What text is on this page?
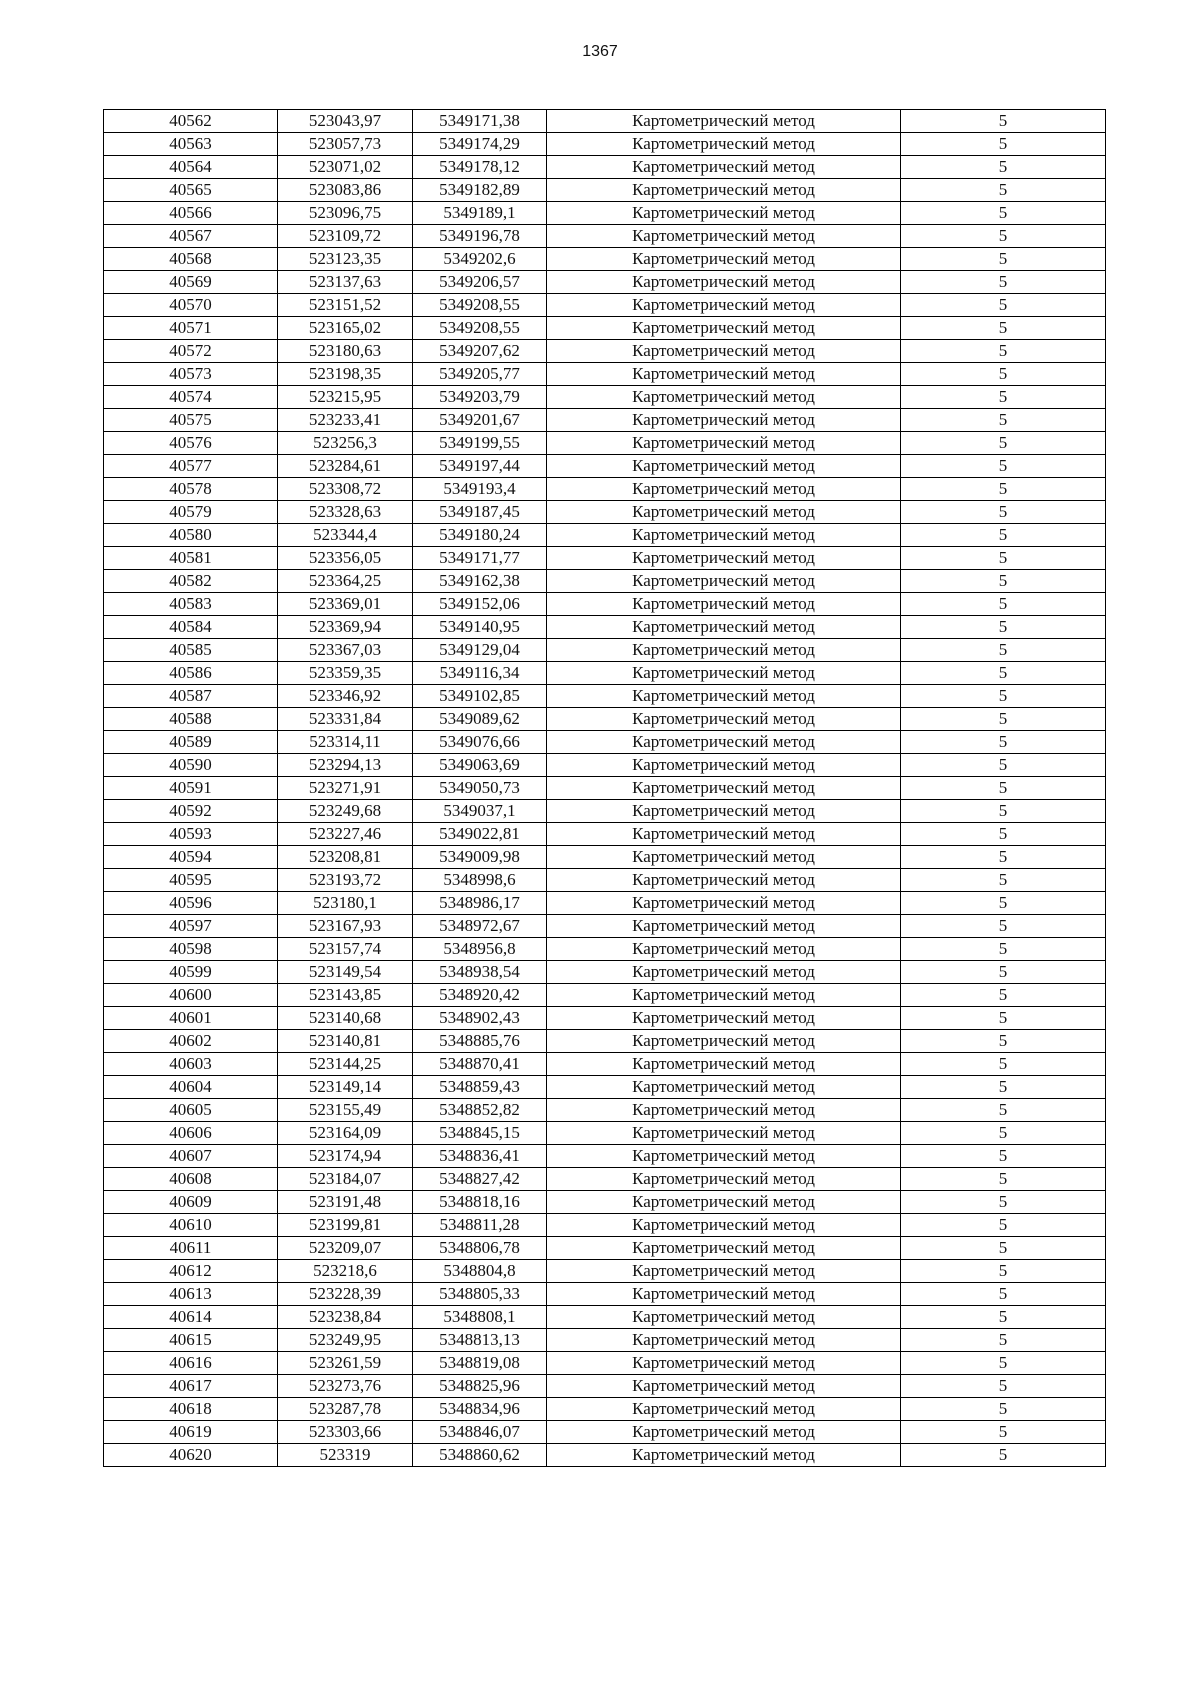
1367
40562	523043,97	5349171,38	Картометрический метод	5
40563	523057,73	5349174,29	Картометрический метод	5
40564	523071,02	5349178,12	Картометрический метод	5
40565	523083,86	5349182,89	Картометрический метод	5
40566	523096,75	5349189,1	Картометрический метод	5
40567	523109,72	5349196,78	Картометрический метод	5
40568	523123,35	5349202,6	Картометрический метод	5
40569	523137,63	5349206,57	Картометрический метод	5
40570	523151,52	5349208,55	Картометрический метод	5
40571	523165,02	5349208,55	Картометрический метод	5
40572	523180,63	5349207,62	Картометрический метод	5
40573	523198,35	5349205,77	Картометрический метод	5
40574	523215,95	5349203,79	Картометрический метод	5
40575	523233,41	5349201,67	Картометрический метод	5
40576	523256,3	5349199,55	Картометрический метод	5
40577	523284,61	5349197,44	Картометрический метод	5
40578	523308,72	5349193,4	Картометрический метод	5
40579	523328,63	5349187,45	Картометрический метод	5
40580	523344,4	5349180,24	Картометрический метод	5
40581	523356,05	5349171,77	Картометрический метод	5
40582	523364,25	5349162,38	Картометрический метод	5
40583	523369,01	5349152,06	Картометрический метод	5
40584	523369,94	5349140,95	Картометрический метод	5
40585	523367,03	5349129,04	Картометрический метод	5
40586	523359,35	5349116,34	Картометрический метод	5
40587	523346,92	5349102,85	Картометрический метод	5
40588	523331,84	5349089,62	Картометрический метод	5
40589	523314,11	5349076,66	Картометрический метод	5
40590	523294,13	5349063,69	Картометрический метод	5
40591	523271,91	5349050,73	Картометрический метод	5
40592	523249,68	5349037,1	Картометрический метод	5
40593	523227,46	5349022,81	Картометрический метод	5
40594	523208,81	5349009,98	Картометрический метод	5
40595	523193,72	5348998,6	Картометрический метод	5
40596	523180,1	5348986,17	Картометрический метод	5
40597	523167,93	5348972,67	Картометрический метод	5
40598	523157,74	5348956,8	Картометрический метод	5
40599	523149,54	5348938,54	Картометрический метод	5
40600	523143,85	5348920,42	Картометрический метод	5
40601	523140,68	5348902,43	Картометрический метод	5
40602	523140,81	5348885,76	Картометрический метод	5
40603	523144,25	5348870,41	Картометрический метод	5
40604	523149,14	5348859,43	Картометрический метод	5
40605	523155,49	5348852,82	Картометрический метод	5
40606	523164,09	5348845,15	Картометрический метод	5
40607	523174,94	5348836,41	Картометрический метод	5
40608	523184,07	5348827,42	Картометрический метод	5
40609	523191,48	5348818,16	Картометрический метод	5
40610	523199,81	5348811,28	Картометрический метод	5
40611	523209,07	5348806,78	Картометрический метод	5
40612	523218,6	5348804,8	Картометрический метод	5
40613	523228,39	5348805,33	Картометрический метод	5
40614	523238,84	5348808,1	Картометрический метод	5
40615	523249,95	5348813,13	Картометрический метод	5
40616	523261,59	5348819,08	Картометрический метод	5
40617	523273,76	5348825,96	Картометрический метод	5
40618	523287,78	5348834,96	Картометрический метод	5
40619	523303,66	5348846,07	Картометрический метод	5
40620	523319	5348860,62	Картометрический метод	5
